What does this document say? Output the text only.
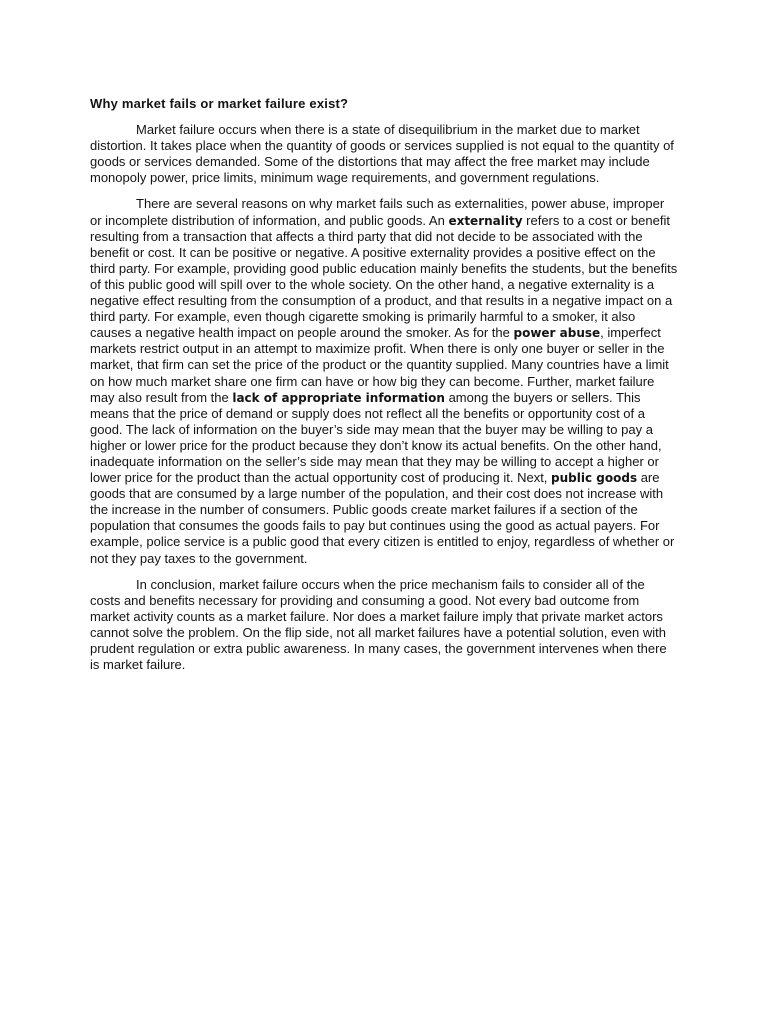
Why market fails or market failure exist?

Market failure occurs when there is a state of disequilibrium in the market due to market distortion. It takes place when the quantity of goods or services supplied is not equal to the quantity of goods or services demanded. Some of the distortions that may affect the free market may include monopoly power, price limits, minimum wage requirements, and government regulations.

There are several reasons on why market fails such as externalities, power abuse, improper or incomplete distribution of information, and public goods. An externality refers to a cost or benefit resulting from a transaction that affects a third party that did not decide to be associated with the benefit or cost. It can be positive or negative. A positive externality provides a positive effect on the third party. For example, providing good public education mainly benefits the students, but the benefits of this public good will spill over to the whole society. On the other hand, a negative externality is a negative effect resulting from the consumption of a product, and that results in a negative impact on a third party. For example, even though cigarette smoking is primarily harmful to a smoker, it also causes a negative health impact on people around the smoker. As for the power abuse, imperfect markets restrict output in an attempt to maximize profit. When there is only one buyer or seller in the market, that firm can set the price of the product or the quantity supplied. Many countries have a limit on how much market share one firm can have or how big they can become. Further, market failure may also result from the lack of appropriate information among the buyers or sellers. This means that the price of demand or supply does not reflect all the benefits or opportunity cost of a good. The lack of information on the buyer’s side may mean that the buyer may be willing to pay a higher or lower price for the product because they don’t know its actual benefits. On the other hand, inadequate information on the seller’s side may mean that they may be willing to accept a higher or lower price for the product than the actual opportunity cost of producing it. Next, public goods are goods that are consumed by a large number of the population, and their cost does not increase with the increase in the number of consumers. Public goods create market failures if a section of the population that consumes the goods fails to pay but continues using the good as actual payers. For example, police service is a public good that every citizen is entitled to enjoy, regardless of whether or not they pay taxes to the government.

In conclusion, market failure occurs when the price mechanism fails to consider all of the costs and benefits necessary for providing and consuming a good. Not every bad outcome from market activity counts as a market failure. Nor does a market failure imply that private market actors cannot solve the problem. On the flip side, not all market failures have a potential solution, even with prudent regulation or extra public awareness. In many cases, the government intervenes when there is market failure.
